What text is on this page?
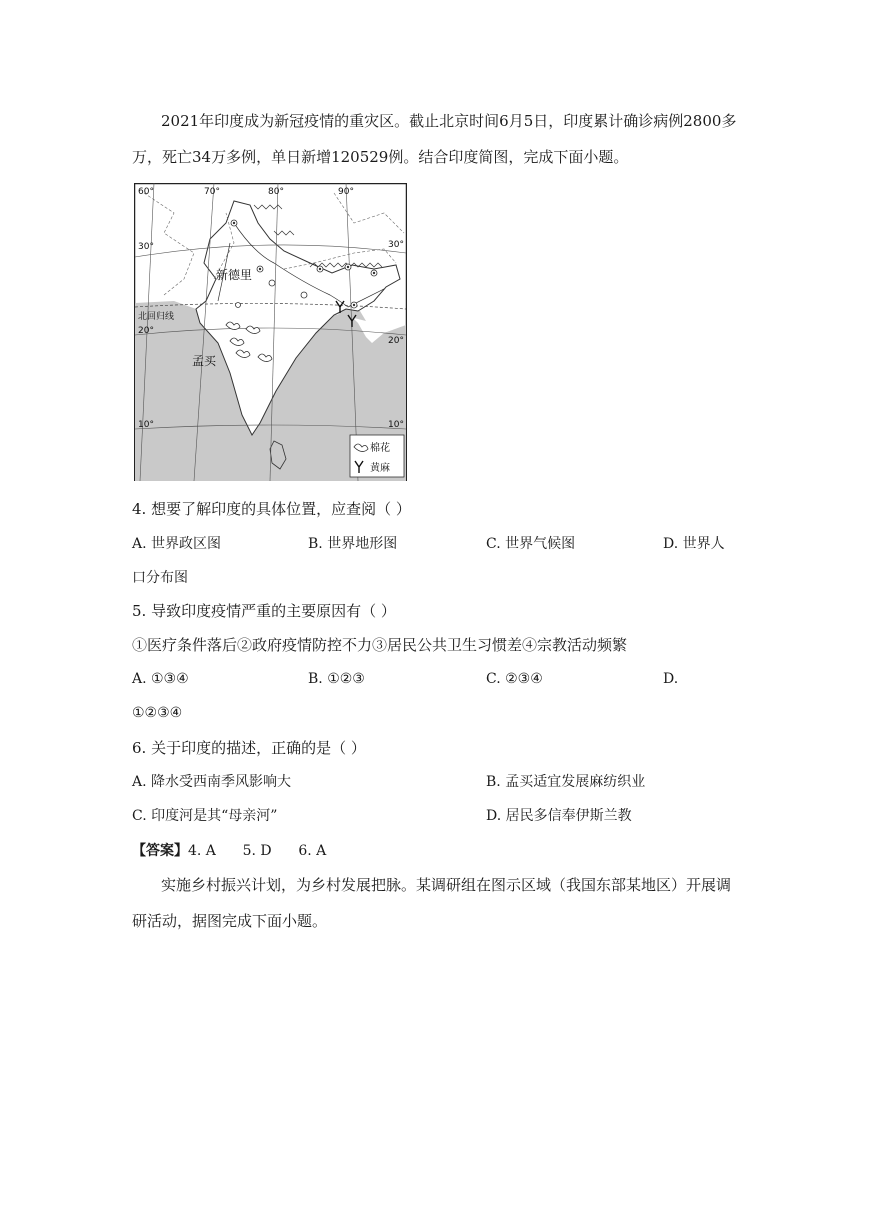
2021年印度成为新冠疫情的重灾区。截止北京时间6月5日，印度累计确诊病例2800多万，死亡34万多例，单日新增120529例。结合印度简图，完成下面小题。
60°	70°	80°	90°
30°
20°
10°
30°
20°
10°
北回归线
新德里
孟买
棉花
黄麻
4. 想要了解印度的具体位置，应查阅（ ）
A. 世界政区图	B. 世界地形图	C. 世界气候图	D. 世界人
口分布图
5. 导致印度疫情严重的主要原因有（ ）
①医疗条件落后②政府疫情防控不力③居民公共卫生习惯差④宗教活动频繁
A. ①③④	B. ①②③	C. ②③④	D.
①②③④
6. 关于印度的描述，正确的是（ ）
A. 降水受西南季风影响大	B. 孟买适宜发展麻纺织业
C. 印度河是其“母亲河”	D. 居民多信奉伊斯兰教
【答案】4. A      5. D      6. A
实施乡村振兴计划，为乡村发展把脉。某调研组在图示区域（我国东部某地区）开展调研活动，据图完成下面小题。
